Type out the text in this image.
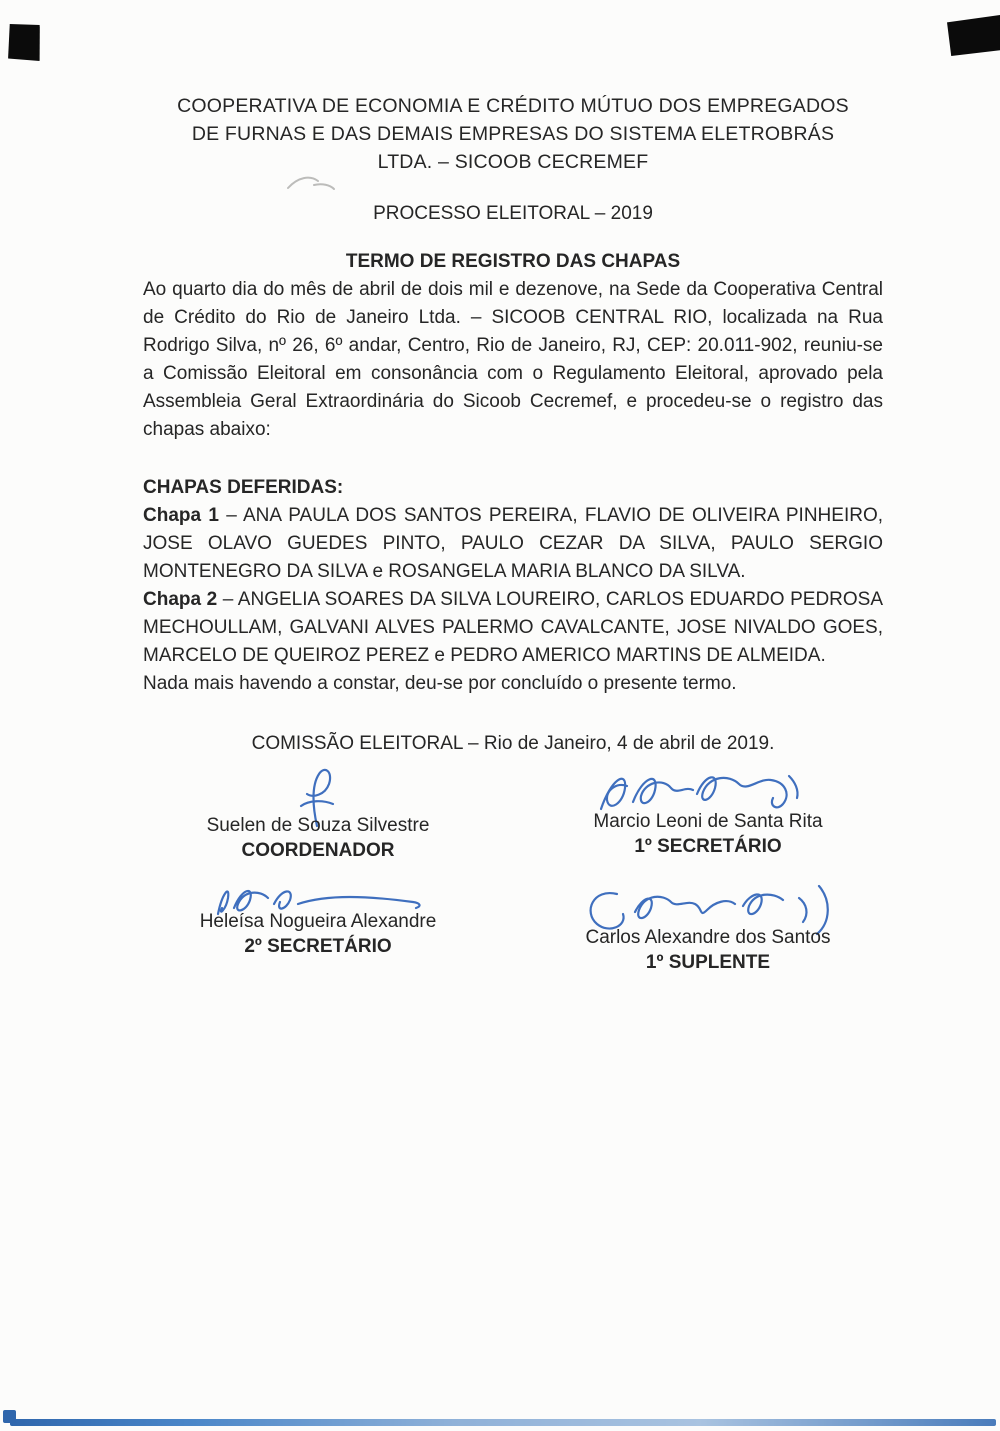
COOPERATIVA DE ECONOMIA E CRÉDITO MÚTUO DOS EMPREGADOS
DE FURNAS E DAS DEMAIS EMPRESAS DO SISTEMA ELETROBRÁS
LTDA. – SICOOB CECREMEF
PROCESSO ELEITORAL – 2019
TERMO DE REGISTRO DAS CHAPAS

Ao quarto dia do mês de abril de dois mil e dezenove, na Sede da Cooperativa Central de Crédito do Rio de Janeiro Ltda. – SICOOB CENTRAL RIO, localizada na Rua Rodrigo Silva, nº 26, 6º andar, Centro, Rio de Janeiro, RJ, CEP: 20.011-902, reuniu-se a Comissão Eleitoral em consonância com o Regulamento Eleitoral, aprovado pela Assembleia Geral Extraordinária do Sicoob Cecremef, e procedeu-se o registro das chapas abaixo:

CHAPAS DEFERIDAS:

Chapa 1 – ANA PAULA DOS SANTOS PEREIRA, FLAVIO DE OLIVEIRA PINHEIRO, JOSE OLAVO GUEDES PINTO, PAULO CEZAR DA SILVA, PAULO SERGIO MONTENEGRO DA SILVA e ROSANGELA MARIA BLANCO DA SILVA.

Chapa 2 – ANGELIA SOARES DA SILVA LOUREIRO, CARLOS EDUARDO PEDROSA MECHOULLAM, GALVANI ALVES PALERMO CAVALCANTE, JOSE NIVALDO GOES, MARCELO DE QUEIROZ PEREZ e PEDRO AMERICO MARTINS DE ALMEIDA.

Nada mais havendo a constar, deu-se por concluído o presente termo.

COMISSÃO ELEITORAL – Rio de Janeiro, 4 de abril de 2019.
Suelen de Souza Silvestre
COORDENADOR
Marcio Leoni de Santa Rita
1º SECRETÁRIO
Heleísa Nogueira Alexandre
2º SECRETÁRIO	Carlos Alexandre dos Santos
1º SUPLENTE
